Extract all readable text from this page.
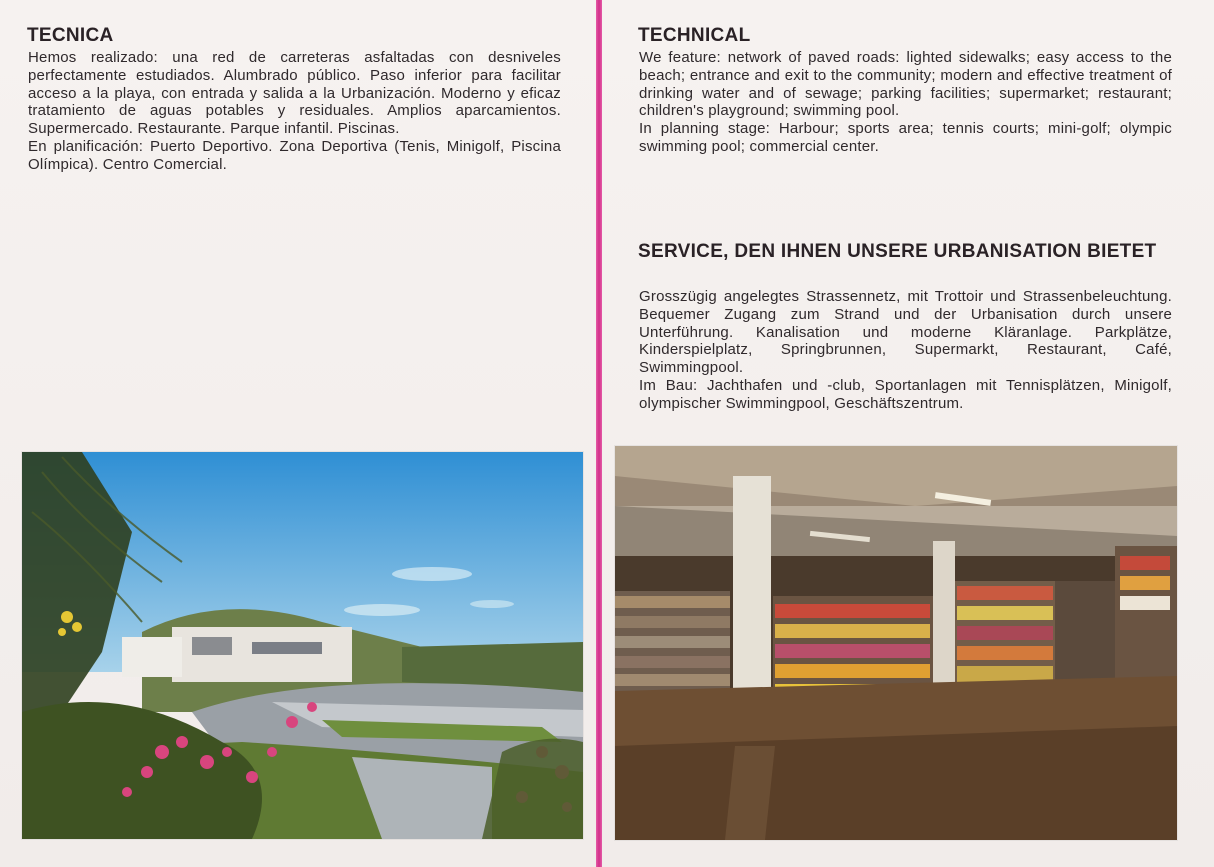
TECNICA

Hemos realizado: una red de carreteras asfaltadas con desniveles perfectamente estudiados. Alumbrado público. Paso inferior para facilitar acceso a la playa, con entrada y salida a la Urbanización. Moderno y eficaz tratamiento de aguas potables y residuales. Amplios aparcamientos. Supermercado. Restaurante. Parque infantil. Piscinas.

En planificación: Puerto Deportivo. Zona Deportiva (Tenis, Minigolf, Piscina Olímpica). Centro Comercial.

TECHNICAL

We feature: network of paved roads: lighted sidewalks; easy access to the beach; entrance and exit to the community; modern and effective treatment of drinking water and of sewage; parking facilities; supermarket; restaurant; children's playground; swimming pool.

In planning stage: Harbour; sports area; tennis courts; mini-golf; olympic swimming pool; commercial center.

SERVICE, DEN IHNEN UNSERE URBANISATION BIETET

Grosszügig angelegtes Strassennetz, mit Trottoir und Strassenbeleuchtung. Bequemer Zugang zum Strand und der Urbanisation durch unsere Unterführung. Kanalisation und moderne Kläranlage. Parkplätze, Kinderspielplatz, Springbrunnen, Supermarkt, Restaurant, Café, Swimmingpool.

Im Bau: Jachthafen und -club, Sportanlagen mit Tennisplätzen, Minigolf, olympischer Swimmingpool, Geschäftszentrum.
